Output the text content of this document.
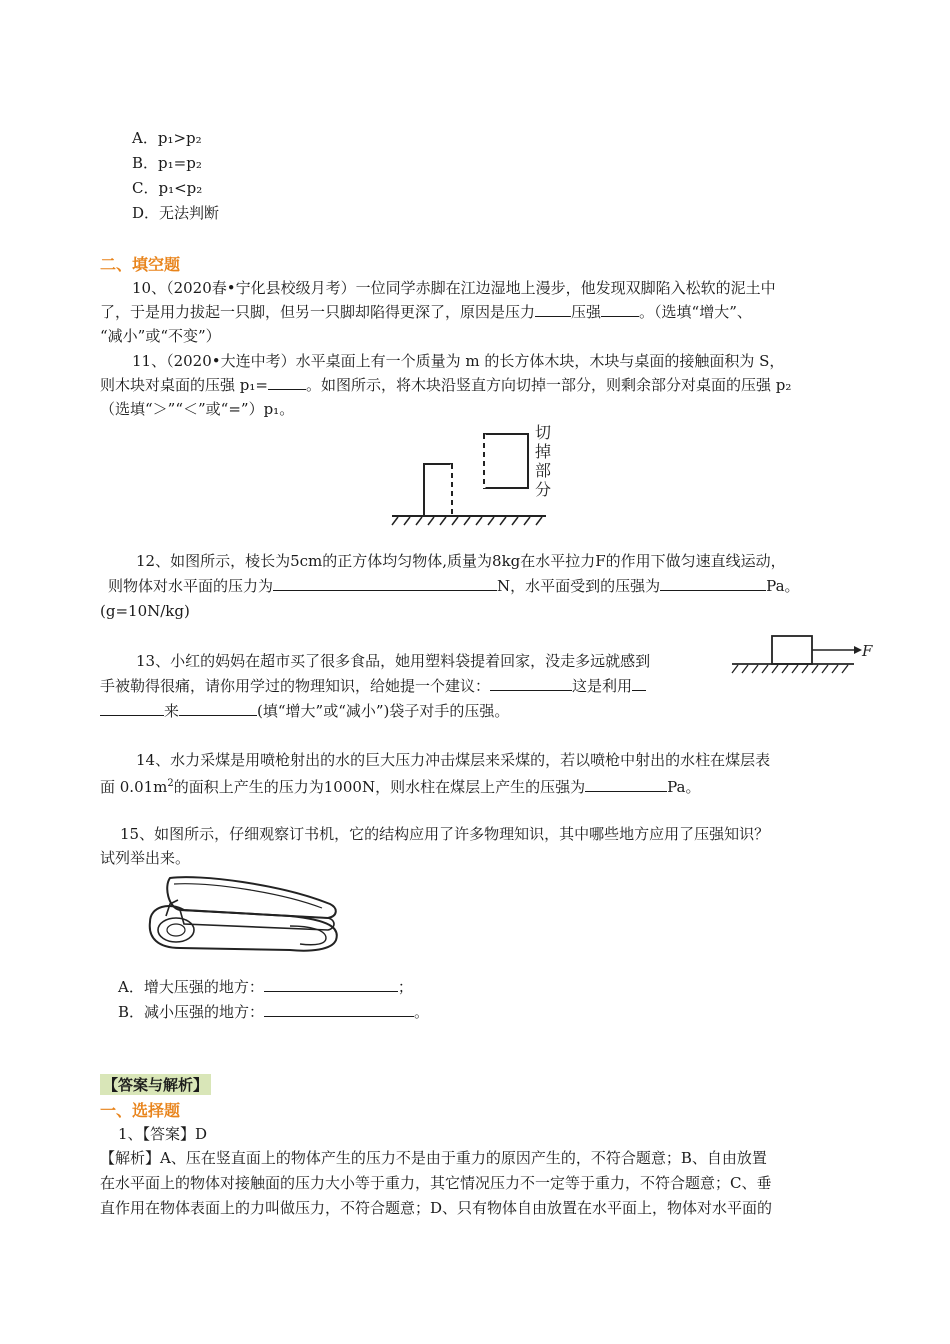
A．p₁>p₂
B．p₁=p₂
C．p₁<p₂
D．无法判断
二、填空题
10、（2020春•宁化县校级月考）一位同学赤脚在江边湿地上漫步，他发现双脚陷入松软的泥土中
了，于是用力拔起一只脚，但另一只脚却陷得更深了，原因是压力 压强	。（选填“增大”、
“减小”或“不变”）
11、（2020•大连中考）水平桌面上有一个质量为 m 的长方体木块，木块与桌面的接触面积为 S，
则木块对桌面的压强 p₁=	。如图所示，将木块沿竖直方向切掉一部分，则剩余部分对桌面的压强 p₂
（选填“＞”“＜”或“=”）p₁。
切
掉
部
分
12、如图所示，棱长为5cm的正方体均匀物体,质量为8kg在水平拉力F的作用下做匀速直线运动，
则物体对水平面的压力为	N，水平面受到的压强为	Pa。
(g=10N/kg)
F
13、小红的妈妈在超市买了很多食品，她用塑料袋提着回家，没走多远就感到
手被勒得很痛，请你用学过的物理知识，给她提一个建议：	这是利用
来	(填“增大”或“减小”)袋子对手的压强。
14、水力采煤是用喷枪射出的水的巨大压力冲击煤层来采煤的，若以喷枪中射出的水柱在煤层表
面 $0.01m^2$的面积上产生的压力为1000N，则水柱在煤层上产生的压强为	Pa。
15、如图所示，仔细观察订书机，它的结构应用了许多物理知识，其中哪些地方应用了压强知识？
试列举出来。
A．增大压强的地方：	；
B．减小压强的地方：	。
【答案与解析】
一、选择题
1、【答案】D
【解析】A、压在竖直面上的物体产生的压力不是由于重力的原因产生的，不符合题意；B、自由放置
在水平面上的物体对接触面的压力大小等于重力，其它情况压力不一定等于重力，不符合题意；C、垂
直作用在物体表面上的力叫做压力，不符合题意；D、只有物体自由放置在水平面上，物体对水平面的
